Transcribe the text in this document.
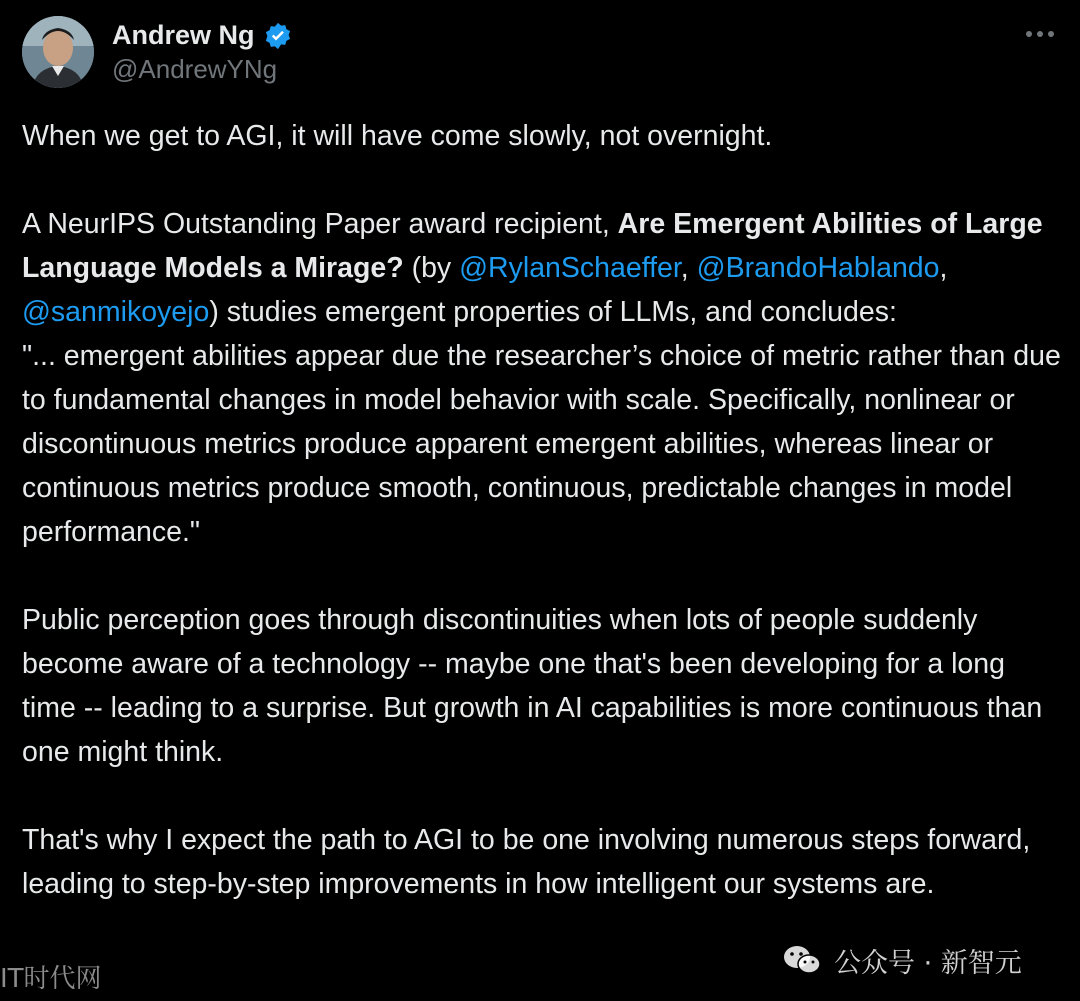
Andrew Ng
@AndrewYNg

When we get to AGI, it will have come slowly, not overnight.

A NeurIPS Outstanding Paper award recipient, Are Emergent Abilities of Large Language Models a Mirage? (by @RylanSchaeffer, @BrandoHablando, @sanmikoyejo) studies emergent properties of LLMs, and concludes:

"... emergent abilities appear due the researcher’s choice of metric rather than due to fundamental changes in model behavior with scale. Specifically, nonlinear or discontinuous metrics produce apparent emergent abilities, whereas linear or continuous metrics produce smooth, continuous, predictable changes in model performance."

Public perception goes through discontinuities when lots of people suddenly become aware of a technology -- maybe one that's been developing for a long time -- leading to a surprise. But growth in AI capabilities is more continuous than one might think.

That's why I expect the path to AGI to be one involving numerous steps forward, leading to step-by-step improvements in how intelligent our systems are.

IT时代网
公众号 · 新智元
